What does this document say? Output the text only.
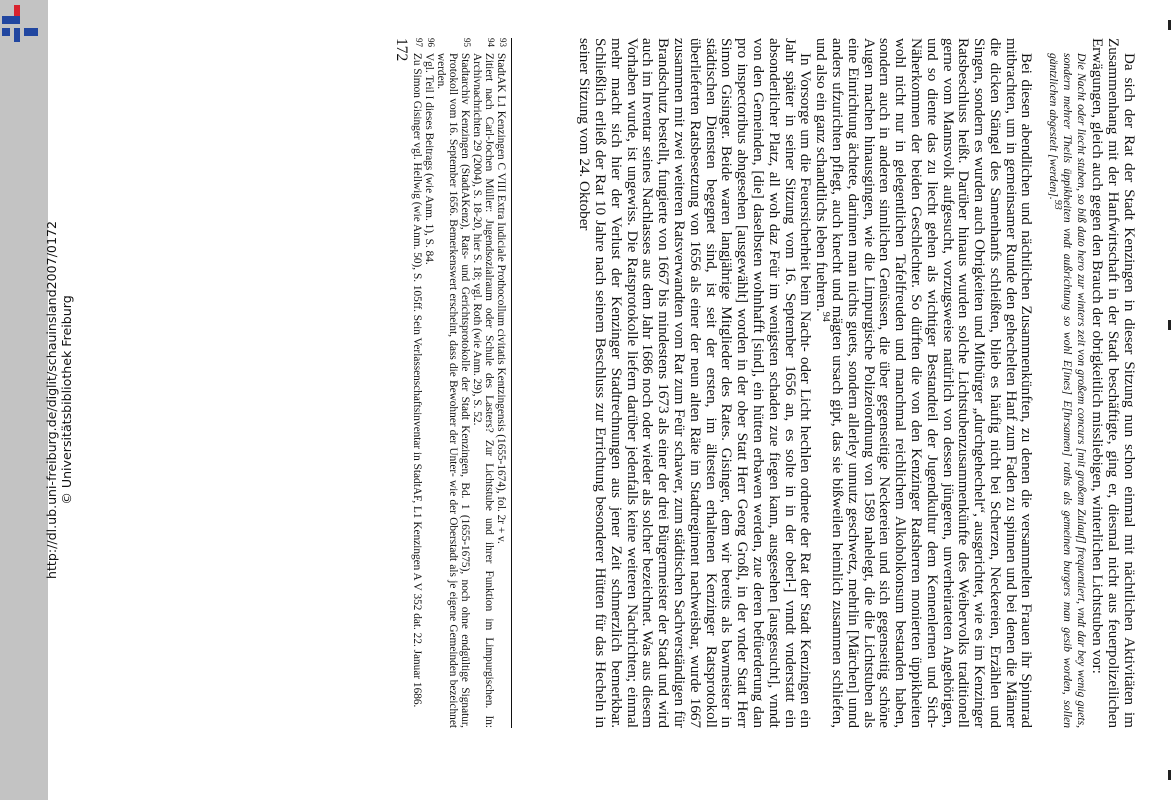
http://dl.ub.uni-freiburg.de/diglit/schauinsland2007/0172 © Universitätsbibliothek Freiburg	Da sich der Rat der Stadt Kenzingen in dieser Sitzung nun schon einmal mit nächtlichen Aktivitäten im Zusammenhang mit der Hanfwirtschaft in der Stadt beschäftigte, ging er, diesmal nicht aus feuerpolizeilichen Erwägungen, gleich auch gegen den Brauch der obrigkeitlich missliebigen, winterlichen Lichtstuben vor:

Die Nacht oder liecht stuben, so biß dato hero zur winters zeit von großem concurs [mit großem Zulauf] frequentiert, vndt dar bey wenig guets, sondern mehrer Theils üppikheiten vndt außrichtung so wohl E[ines] E[hrsamen] raths als gemeinen burgers man gesib worden, sollen gäntzlichen abgestelt [werden].93

Bei diesen abendlichen und nächtlichen Zusammenkünften, zu denen die versammelten Frauen ihr Spinnrad mitbrachten, um in gemeinsamer Runde den gehechelten Hanf zum Faden zu spinnen und bei denen die Männer die dicken Stängel des Samenhanfs schleißten, blieb es häufig nicht bei Scherzen, Neckereien, Erzählen und Singen, sondern es wurden auch Obrigkeiten und Mitbürger „durchgehechelt“, ausgerichtet, wie es im Kenzinger Ratsbeschluss heißt. Darüber hinaus wurden solche Lichtstubenzusammenkünfte des Weibervolks traditionell gerne vom Mannsvolk aufgesucht, vorzugsweise natürlich von dessen jüngeren, unverheirateten Angehörigen, und so diente das zu liecht gehen als wichtiger Bestandteil der Jugendkultur dem Kennenlernen und Sich-Näherkommen der beiden Geschlechter. So dürften die von den Kenzinger Ratsherren monierten üppikheiten wohl nicht nur in gelegentlichen Tafelfreuden und manchmal reichlichem Alkoholkonsum bestanden haben, sondern auch in anderen sinnlichen Genüssen, die über gegenseitige Neckereien und sich gegenseitig schöne Augen machen hinausgingen, wie die Limpurgische Polizeiordnung von 1589 nahelegt, die die Lichtstuben als eine Einrichtung ächtete, darinnen man nichts guets, sondern allerley unnutz geschwetz, mehrlin [Märchen] unnd anders ufzurichten pflegt, auch knecht und mägten ursach gipt, das sie bißweilen heimlich zusammen schliefen, und also ein ganz schandtlichs leben fuehren.$^{94}$

In Vorsorge um die Feuersicherheit beim Nacht- oder Licht hechlen ordnete der Rat der Stadt Kenzingen ein Jahr später in seiner Sitzung vom 16. September 1656 an, es solte in in der oberl-] vnndt vnderstatt ein absonderlicher Platz, all woh daz Feür im wenigsten schaden zue fiegen kann, ausgesehen [ausgesucht], vnndt von den Gemeinden, [die] daselbsten wohnhafft [sind], ein hütten erbawen werden, zue deren befüerderung dan pro inspectoribus abngesehen [ausgewählt] worden in der ober Statt Herr Georg Großl, in der vnder Statt Herr Simon Gisinger. Beide waren langjährige Mitglieder des Rates. Gisinger, dem wir bereits als bawmeister in städtischen Diensten begegnet sind, ist seit der ersten, im ältesten erhaltenen Kenzinger Ratsprotokoll überlieferten Ratsbesetzung von 1656 als einer der neun alten Räte im Stadtregiment nachweisbar, wurde 1667 zusammen mit zwei weiteren Ratsverwandten vom Rat zum Feür schawer, zum städtischen Sachverständigen für Brandschutz bestellt, fungierte von 1667 bis mindestens 1673 als einer der drei Bürgermeister der Stadt und wird auch im Inventar seines Nachlasses aus dem Jahr 1686 noch oder wieder als solcher bezeichnet. Was aus diesem Vorhaben wurde, ist ungewiss. Die Ratsprotokolle liefern darüber jedenfalls keine weiteren Nachrichten; einmal mehr macht sich hier der Verlust der Kenzinger Stadtrechnungen aus jener Zeit schmerzlich bemerkbar. Schließlich erließ der Rat 10 Jahre nach seinem Beschluss zur Errichtung besonderer Hütten für das Hecheln in seiner Sitzung vom 24. Oktober

93
StadtAK L1 Kenzingen C VIII Extra Iudiciale Prothocollum civitatis Kentzingensis (1655-1674), fol. 2r + v.
94
Zitiert nach Carl-Jochen Müller: Jugendsozialraum oder Schule des Lasters? Zur Lichtstube und ihrer Funktion im Limpurgischen. In: Archivnachrichten 29 (2004), S. 18-20, hier S. 18; vgl. Roth (wie Anm. 29), S. 52.
95
Stadtarchiv Kenzingen (StadtAKenz), Rats- und Gerichtsprotokolle der Stadt Kenzingen, Bd. 1 (1655-1675), noch ohne endgültige Signatur, Protokoll vom 16. September 1656. Bemerkenswert erscheint, dass die Bewohner der Unter- wie der Oberstadt als je eigene Gemeinden bezeichnet werden.
96
Vgl. Teil I dieses Beitrags (wie Anm. 1), S. 84.
97
Zu Simon Gisinger vgl. Hellwig (wie Anm. 50), S. 105ff. Sein Verlassenschaftsinventar in StadtAF, L1 Kenzingen A V 352 dat. 22. Januar 1686.
172
